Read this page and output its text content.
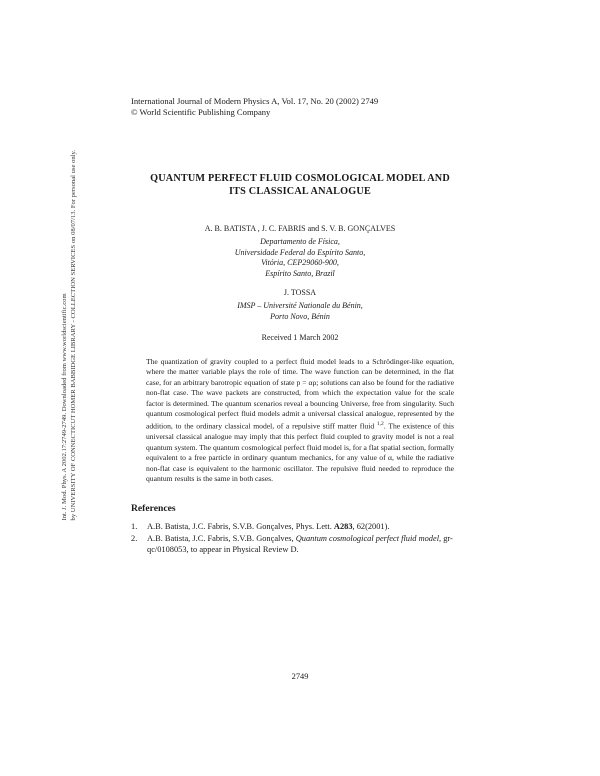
Int. J. Mod. Phys. A 2002.17:2749-2749. Downloaded from www.worldscientific.com by UNIVERSITY OF CONNECTICUT HOMER BABBIDGE LIBRARY - COLLECTION SERVICES on 08/07/13. For personal use only.
International Journal of Modern Physics A, Vol. 17, No. 20 (2002) 2749
© World Scientific Publishing Company
QUANTUM PERFECT FLUID COSMOLOGICAL MODEL AND
ITS CLASSICAL ANALOGUE
A. B. BATISTA , J. C. FABRIS and S. V. B. GONÇALVES
Departamento de Física,
Universidade Federal do Espírito Santo,
Vitória, CEP29060-900,
Espírito Santo, Brazil
J. TOSSA
IMSP – Université Nationale du Bénin,
Porto Novo, Bénin
Received 1 March 2002
The quantization of gravity coupled to a perfect fluid model leads to a Schrödinger-like equation, where the matter variable plays the role of time. The wave function can be determined, in the flat case, for an arbitrary barotropic equation of state p = αρ; solutions can also be found for the radiative non-flat case. The wave packets are constructed, from which the expectation value for the scale factor is determined. The quantum scenarios reveal a bouncing Universe, free from singularity. Such quantum cosmological perfect fluid models admit a universal classical analogue, represented by the addition, to the ordinary classical model, of a repulsive stiff matter fluid $^{1,2}$. The existence of this universal classical analogue may imply that this perfect fluid coupled to gravity model is not a real quantum system. The quantum cosmological perfect fluid model is, for a flat spatial section, formally equivalent to a free particle in ordinary quantum mechanics, for any value of α, while the radiative non-flat case is equivalent to the harmonic oscillator. The repulsive fluid needed to reproduce the quantum results is the same in both cases.
References
1.	A.B. Batista, J.C. Fabris, S.V.B. Gonçalves, Phys. Lett. A283, 62(2001).
2.	A.B. Batista, J.C. Fabris, S.V.B. Gonçalves, Quantum cosmological perfect fluid model, gr-qc/0108053, to appear in Physical Review D.
2749
